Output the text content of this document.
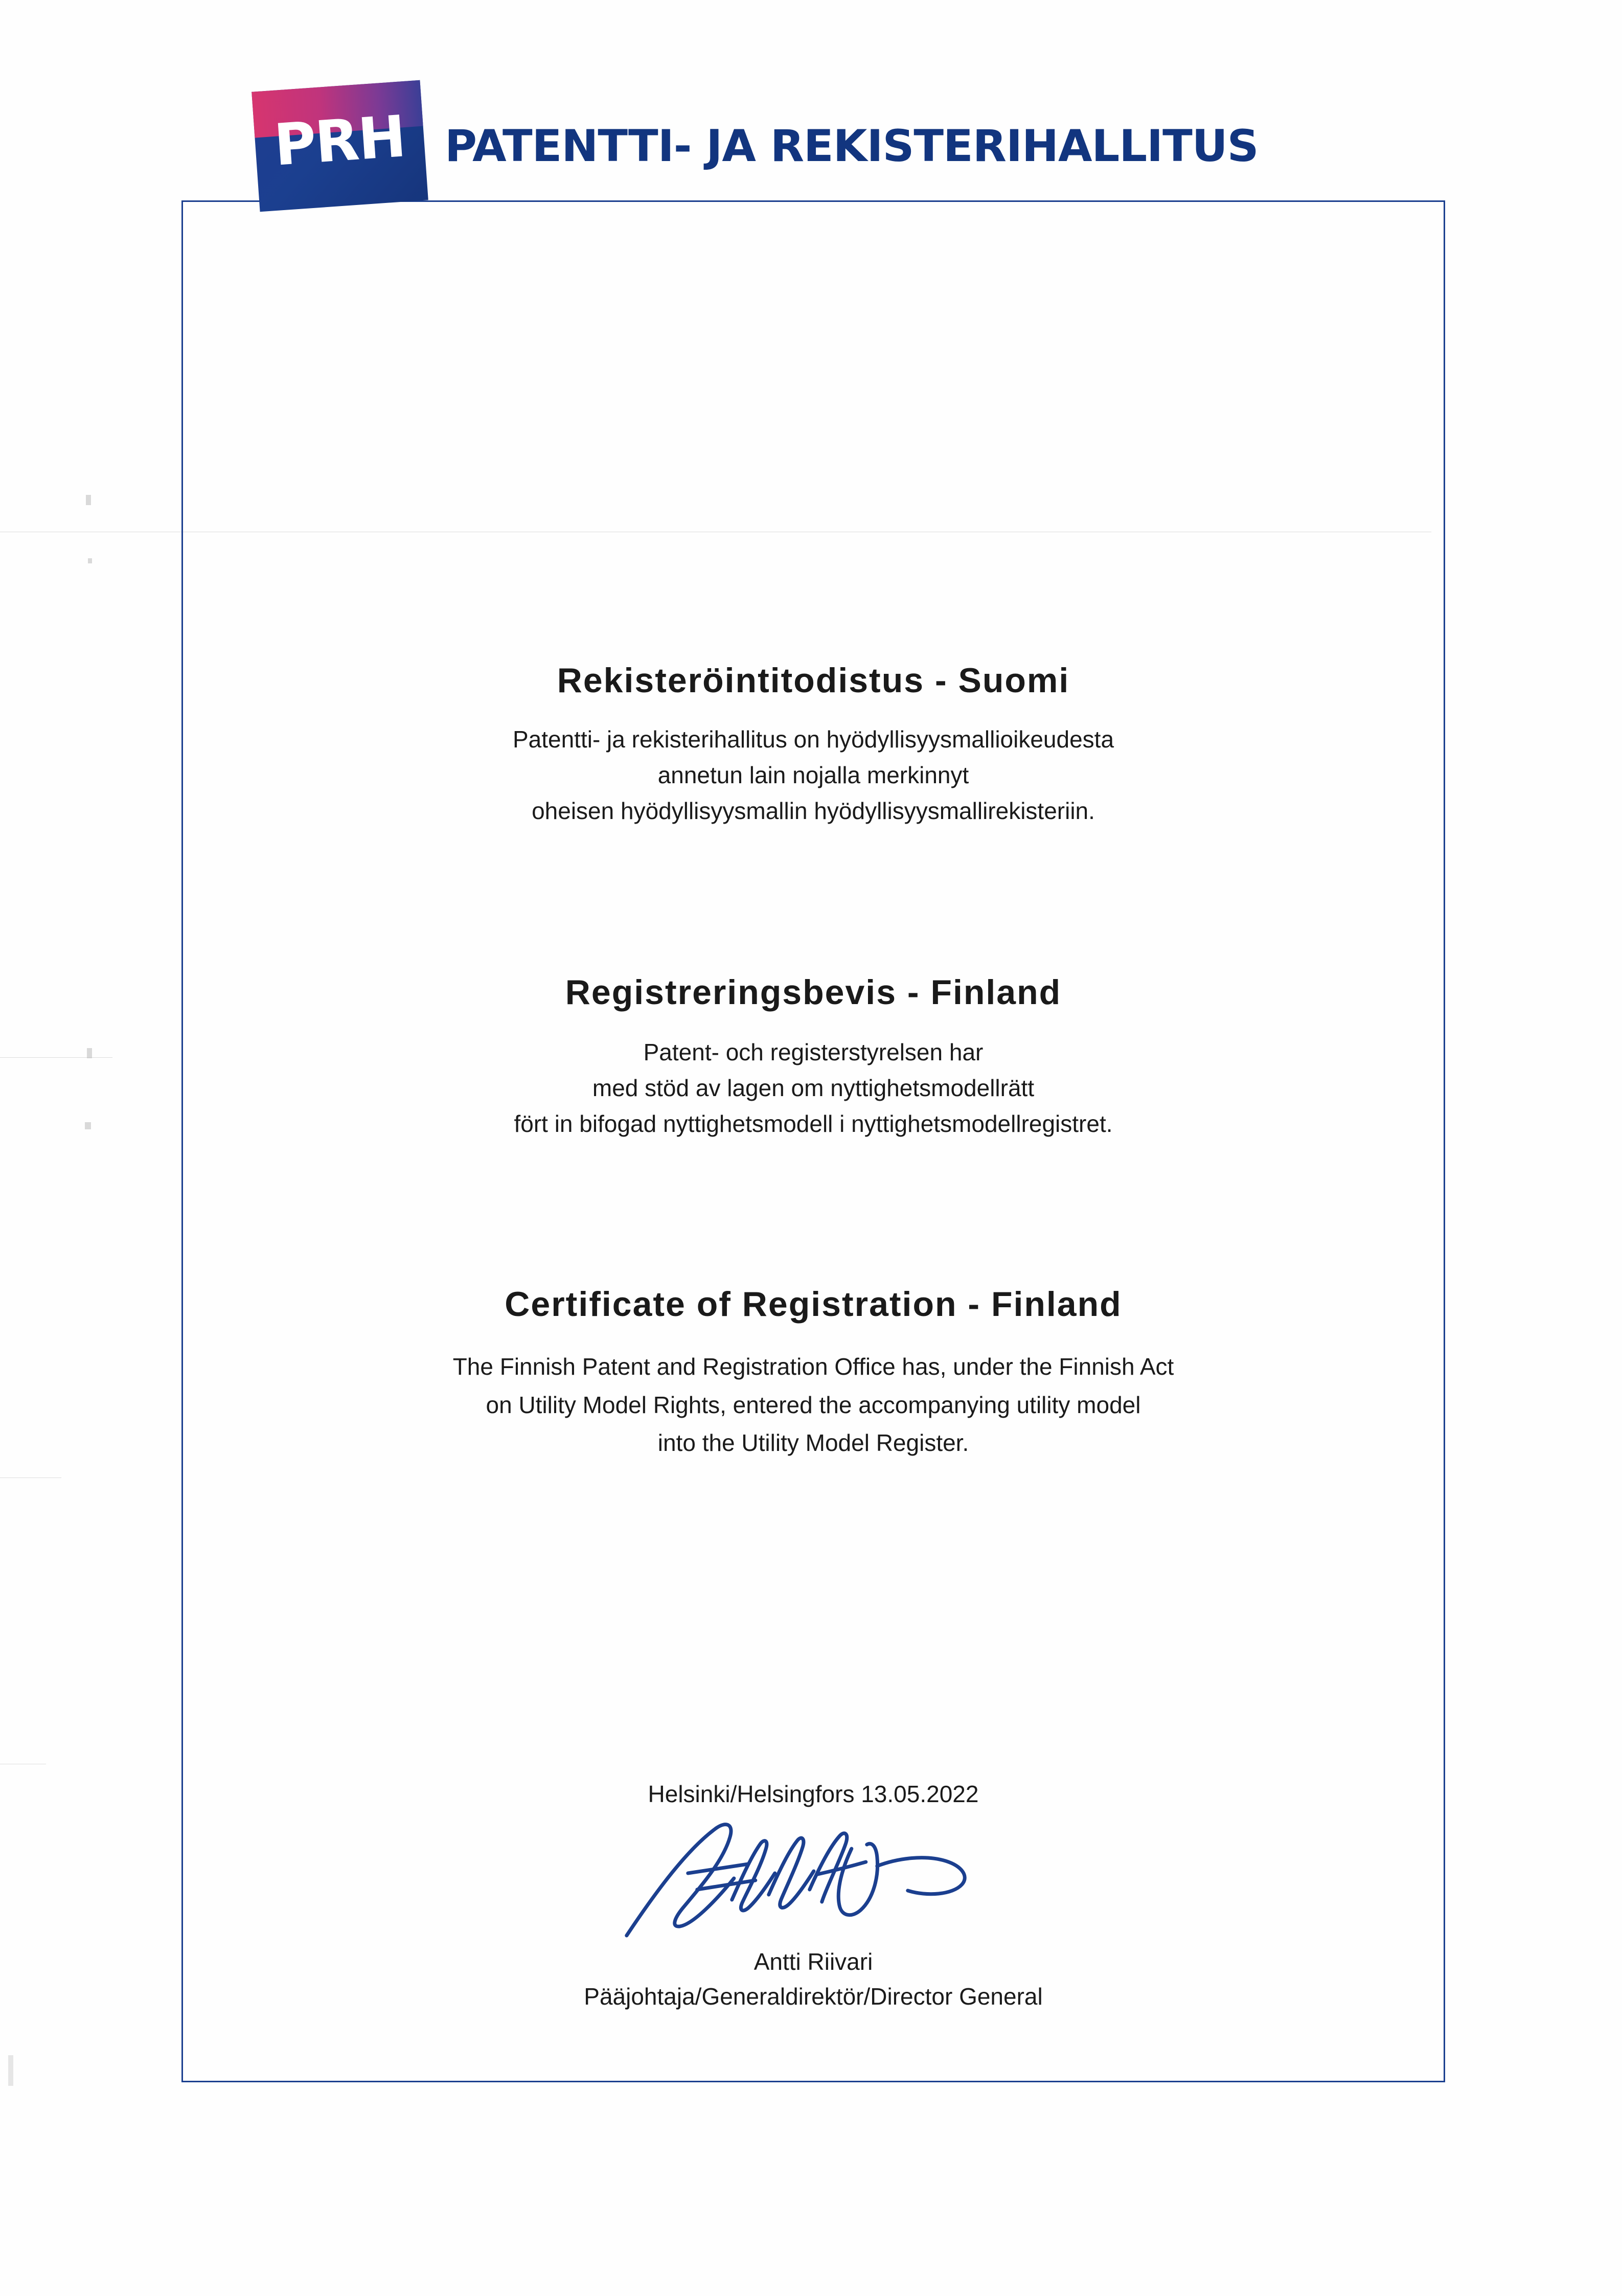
PRH PATENTTI- JA REKISTERIHALLITUS
Rekisteröintitodistus - Suomi

Patentti- ja rekisterihallitus on hyödyllisyysmallioikeudesta

annetun lain nojalla merkinnyt

oheisen hyödyllisyysmallin hyödyllisyysmallirekisteriin.

Registreringsbevis - Finland

Patent- och registerstyrelsen har

med stöd av lagen om nyttighetsmodellrätt

fört in bifogad nyttighetsmodell i nyttighetsmodellregistret.

Certificate of Registration - Finland

The Finnish Patent and Registration Office has, under the Finnish Act

on Utility Model Rights, entered the accompanying utility model

into the Utility Model Register.

Helsinki/Helsingfors 13.05.2022
Antti Riivari
Pääjohtaja/Generaldirektör/Director General
